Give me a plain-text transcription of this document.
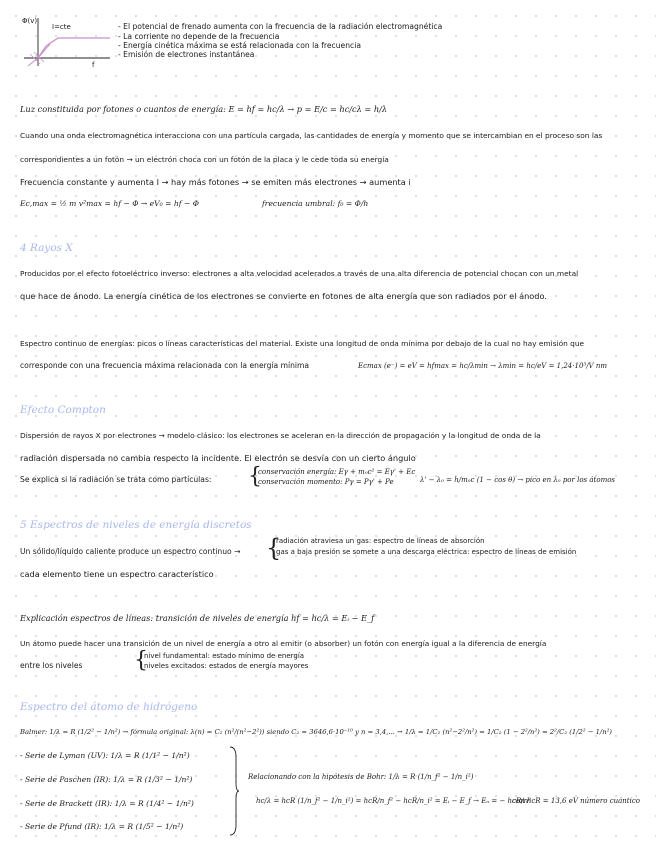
I=cte
Φ(v)
f
- El potencial de frenado aumenta con la frecuencia de la radiación electromagnética
- La corriente no depende de la frecuencia
- Energía cinética máxima se está relacionada con la frecuencia
- Emisión de electrones instantánea
Luz constituida por fotones o cuantos de energía: E = hf = hc/λ → p = E/c = hc/cλ = h/λ
Cuando una onda electromagnética interacciona con una partícula cargada, las cantidades de energía y momento que se intercambian en el proceso son las
correspondientes a un fotón → un electrón choca con un fotón de la placa y le cede toda su energía
Frecuencia constante y aumenta I → hay más fotones → se emiten más electrones → aumenta i
Ec,max = ½ m v²max = hf − Φ → eV₀ = hf − Φ	frecuencia umbral: f₀ = Φ/h
4 Rayos X
Producidos por el efecto fotoeléctrico inverso: electrones a alta velocidad acelerados a través de una alta diferencia de potencial chocan con un metal
que hace de ánodo. La energía cinética de los electrones se convierte en fotones de alta energía que son radiados por el ánodo.
Espectro continuo de energías: picos o líneas características del material. Existe una longitud de onda mínima por debajo de la cual no hay emisión que
corresponde con una frecuencia máxima relacionada con la energía mínima	Ecmax (e⁻) = eV = hfmax = hc/λmin → λmin = hc/eV = 1,24·10³/V nm
Efecto Compton
Dispersión de rayos X por electrones → modelo clásico: los electrones se aceleran en la dirección de propagación y la longitud de onda de la
radiación dispersada no cambia respecto la incidente. El electrón se desvía con un cierto ángulo
Se explica si la radiación se trata como partículas: {
conservación energía: Eγ + m₀c² = Eγ' + Ec
conservación momento: Pγ = Pγ' + Pe	λ' − λ₀ = h/m₀c (1 − cos θ) → pico en λ₀ por los átomos
5 Espectros de niveles de energía discretos
Un sólido/líquido caliente produce un espectro continuo → {
radiación atraviesa un gas: espectro de líneas de absorción
gas a baja presión se somete a una descarga eléctrica: espectro de líneas de emisión
cada elemento tiene un espectro característico
Explicación espectros de líneas: transición de niveles de energía hf = hc/λ = Eᵢ − E_f
Un átomo puede hacer una transición de un nivel de energía a otro al emitir (o absorber) un fotón con energía igual a la diferencia de energía
entre los niveles {
nivel fundamental: estado mínimo de energía
niveles excitados: estados de energía mayores
Espectro del átomo de hidrógeno
Balmer: 1/λ = R (1/2² − 1/n²) → fórmula original: λ(n) = C₂ (n²/(n²−2²)) siendo C₂ = 3646,6·10⁻¹⁰ y n = 3,4,... → 1/λ = 1/C₂ (n²−2²/n²) = 1/C₂ (1 − 2²/n²) = 2²/C₂ (1/2² − 1/n²)
- Serie de Lyman (UV): 1/λ = R (1/1² − 1/n²)
- Serie de Paschen (IR): 1/λ = R (1/3² − 1/n²)
- Serie de Brackett (IR): 1/λ = R (1/4² − 1/n²)
- Serie de Pfund (IR): 1/λ = R (1/5² − 1/n²)
Relacionando con la hipótesis de Bohr: 1/λ = R (1/n_f² − 1/n_i²)
hc/λ = hcR (1/n_f² − 1/n_i²) = hcR/n_f² − hcR/n_i² = Eᵢ − E_f → Eₙ = − hcR/n²
con hcR = 13,6 eV número cuántico
